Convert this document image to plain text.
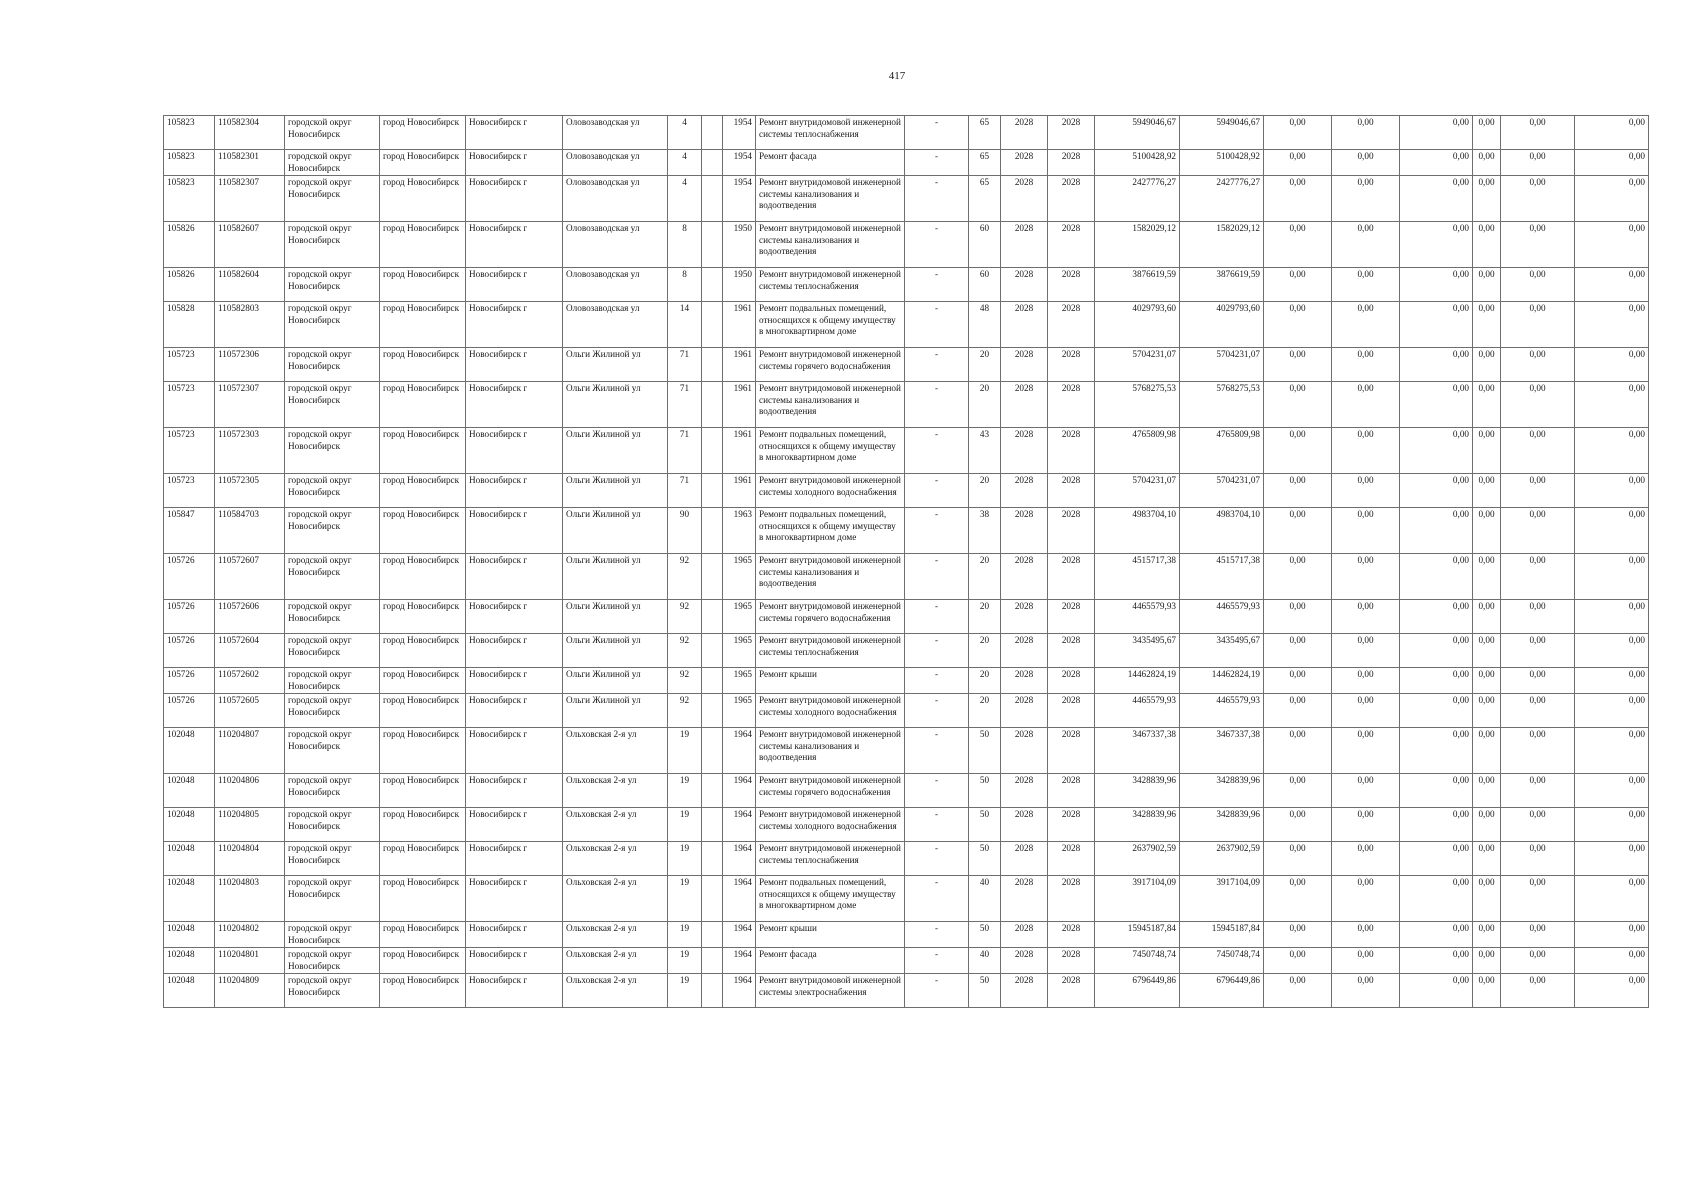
417
105823	110582304	городской округ Новосибирск	город Новосибирск	Новосибирск г	Оловозаводская ул	4		1954	Ремонт внутридомовой инженерной системы теплоснабжения	-	65	2028	2028	5949046,67	5949046,67	0,00	0,00	0,00	0,00	0,00	0,00
105823	110582301	городской округ Новосибирск	город Новосибирск	Новосибирск г	Оловозаводская ул	4		1954	Ремонт фасада	-	65	2028	2028	5100428,92	5100428,92	0,00	0,00	0,00	0,00	0,00	0,00
105823	110582307	городской округ Новосибирск	город Новосибирск	Новосибирск г	Оловозаводская ул	4		1954	Ремонт внутридомовой инженерной системы канализования и водоотведения	-	65	2028	2028	2427776,27	2427776,27	0,00	0,00	0,00	0,00	0,00	0,00
105826	110582607	городской округ Новосибирск	город Новосибирск	Новосибирск г	Оловозаводская ул	8		1950	Ремонт внутридомовой инженерной системы канализования и водоотведения	-	60	2028	2028	1582029,12	1582029,12	0,00	0,00	0,00	0,00	0,00	0,00
105826	110582604	городской округ Новосибирск	город Новосибирск	Новосибирск г	Оловозаводская ул	8		1950	Ремонт внутридомовой инженерной системы теплоснабжения	-	60	2028	2028	3876619,59	3876619,59	0,00	0,00	0,00	0,00	0,00	0,00
105828	110582803	городской округ Новосибирск	город Новосибирск	Новосибирск г	Оловозаводская ул	14		1961	Ремонт подвальных помещений, относящихся к общему имуществу в многоквартирном доме	-	48	2028	2028	4029793,60	4029793,60	0,00	0,00	0,00	0,00	0,00	0,00
105723	110572306	городской округ Новосибирск	город Новосибирск	Новосибирск г	Ольги Жилиной ул	71		1961	Ремонт внутридомовой инженерной системы горячего водоснабжения	-	20	2028	2028	5704231,07	5704231,07	0,00	0,00	0,00	0,00	0,00	0,00
105723	110572307	городской округ Новосибирск	город Новосибирск	Новосибирск г	Ольги Жилиной ул	71		1961	Ремонт внутридомовой инженерной системы канализования и водоотведения	-	20	2028	2028	5768275,53	5768275,53	0,00	0,00	0,00	0,00	0,00	0,00
105723	110572303	городской округ Новосибирск	город Новосибирск	Новосибирск г	Ольги Жилиной ул	71		1961	Ремонт подвальных помещений, относящихся к общему имуществу в многоквартирном доме	-	43	2028	2028	4765809,98	4765809,98	0,00	0,00	0,00	0,00	0,00	0,00
105723	110572305	городской округ Новосибирск	город Новосибирск	Новосибирск г	Ольги Жилиной ул	71		1961	Ремонт внутридомовой инженерной системы холодного водоснабжения	-	20	2028	2028	5704231,07	5704231,07	0,00	0,00	0,00	0,00	0,00	0,00
105847	110584703	городской округ Новосибирск	город Новосибирск	Новосибирск г	Ольги Жилиной ул	90		1963	Ремонт подвальных помещений, относящихся к общему имуществу в многоквартирном доме	-	38	2028	2028	4983704,10	4983704,10	0,00	0,00	0,00	0,00	0,00	0,00
105726	110572607	городской округ Новосибирск	город Новосибирск	Новосибирск г	Ольги Жилиной ул	92		1965	Ремонт внутридомовой инженерной системы канализования и водоотведения	-	20	2028	2028	4515717,38	4515717,38	0,00	0,00	0,00	0,00	0,00	0,00
105726	110572606	городской округ Новосибирск	город Новосибирск	Новосибирск г	Ольги Жилиной ул	92		1965	Ремонт внутридомовой инженерной системы горячего водоснабжения	-	20	2028	2028	4465579,93	4465579,93	0,00	0,00	0,00	0,00	0,00	0,00
105726	110572604	городской округ Новосибирск	город Новосибирск	Новосибирск г	Ольги Жилиной ул	92		1965	Ремонт внутридомовой инженерной системы теплоснабжения	-	20	2028	2028	3435495,67	3435495,67	0,00	0,00	0,00	0,00	0,00	0,00
105726	110572602	городской округ Новосибирск	город Новосибирск	Новосибирск г	Ольги Жилиной ул	92		1965	Ремонт крыши	-	20	2028	2028	14462824,19	14462824,19	0,00	0,00	0,00	0,00	0,00	0,00
105726	110572605	городской округ Новосибирск	город Новосибирск	Новосибирск г	Ольги Жилиной ул	92		1965	Ремонт внутридомовой инженерной системы холодного водоснабжения	-	20	2028	2028	4465579,93	4465579,93	0,00	0,00	0,00	0,00	0,00	0,00
102048	110204807	городской округ Новосибирск	город Новосибирск	Новосибирск г	Ольховская 2-я ул	19		1964	Ремонт внутридомовой инженерной системы канализования и водоотведения	-	50	2028	2028	3467337,38	3467337,38	0,00	0,00	0,00	0,00	0,00	0,00
102048	110204806	городской округ Новосибирск	город Новосибирск	Новосибирск г	Ольховская 2-я ул	19		1964	Ремонт внутридомовой инженерной системы горячего водоснабжения	-	50	2028	2028	3428839,96	3428839,96	0,00	0,00	0,00	0,00	0,00	0,00
102048	110204805	городской округ Новосибирск	город Новосибирск	Новосибирск г	Ольховская 2-я ул	19		1964	Ремонт внутридомовой инженерной системы холодного водоснабжения	-	50	2028	2028	3428839,96	3428839,96	0,00	0,00	0,00	0,00	0,00	0,00
102048	110204804	городской округ Новосибирск	город Новосибирск	Новосибирск г	Ольховская 2-я ул	19		1964	Ремонт внутридомовой инженерной системы теплоснабжения	-	50	2028	2028	2637902,59	2637902,59	0,00	0,00	0,00	0,00	0,00	0,00
102048	110204803	городской округ Новосибирск	город Новосибирск	Новосибирск г	Ольховская 2-я ул	19		1964	Ремонт подвальных помещений, относящихся к общему имуществу в многоквартирном доме	-	40	2028	2028	3917104,09	3917104,09	0,00	0,00	0,00	0,00	0,00	0,00
102048	110204802	городской округ Новосибирск	город Новосибирск	Новосибирск г	Ольховская 2-я ул	19		1964	Ремонт крыши	-	50	2028	2028	15945187,84	15945187,84	0,00	0,00	0,00	0,00	0,00	0,00
102048	110204801	городской округ Новосибирск	город Новосибирск	Новосибирск г	Ольховская 2-я ул	19		1964	Ремонт фасада	-	40	2028	2028	7450748,74	7450748,74	0,00	0,00	0,00	0,00	0,00	0,00
102048	110204809	городской округ Новосибирск	город Новосибирск	Новосибирск г	Ольховская 2-я ул	19		1964	Ремонт внутридомовой инженерной системы электроснабжения	-	50	2028	2028	6796449,86	6796449,86	0,00	0,00	0,00	0,00	0,00	0,00
